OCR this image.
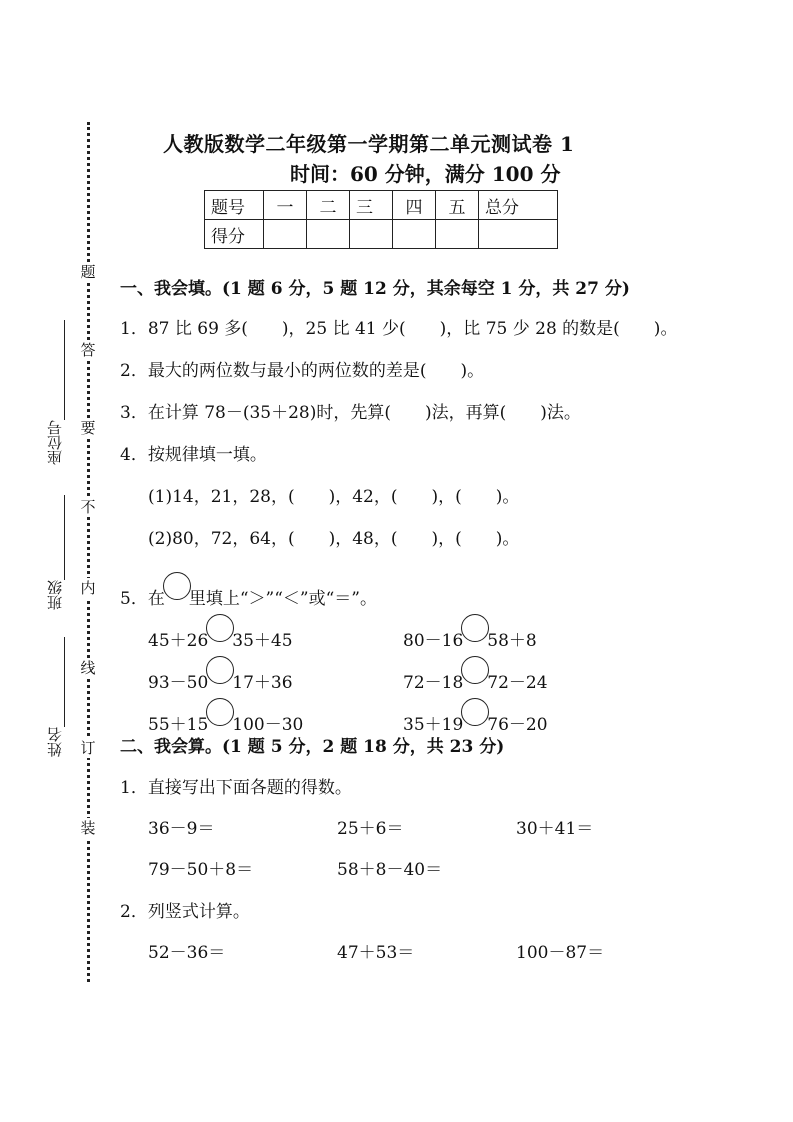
题
答
要
不
内
线
订
装
座位号
班级
姓名
人教版数学二年级第一学期第二单元测试卷 1
时间：60 分钟，满分 100 分
题号	一	二	三	四	五	总分
得分						
一、我会填。(1 题 6 分，5 题 12 分，其余每空 1 分，共 27 分)
1．87 比 69 多(　　)，25 比 41 少(　　)，比 75 少 28 的数是(　　)。
2．最大的两位数与最小的两位数的差是(　　)。
3．在计算 78－(35＋28)时，先算(　　)法，再算(　　)法。
4．按规律填一填。
(1)14，21，28，(　　)，42，(　　)，(　　)。
(2)80，72，64，(　　)，48，(　　)，(　　)。
5．在 里填上“＞”“＜”或“＝”。
45＋26 35＋45	80－16 58＋8
93－50 17＋36	72－18 72－24
55＋15 100－30	35＋19 76－20
二、我会算。(1 题 5 分，2 题 18 分，共 23 分)
1．直接写出下面各题的得数。
36－9＝	25＋6＝	30＋41＝
79－50＋8＝	58＋8－40＝
2．列竖式计算。
52－36＝	47＋53＝	100－87＝
